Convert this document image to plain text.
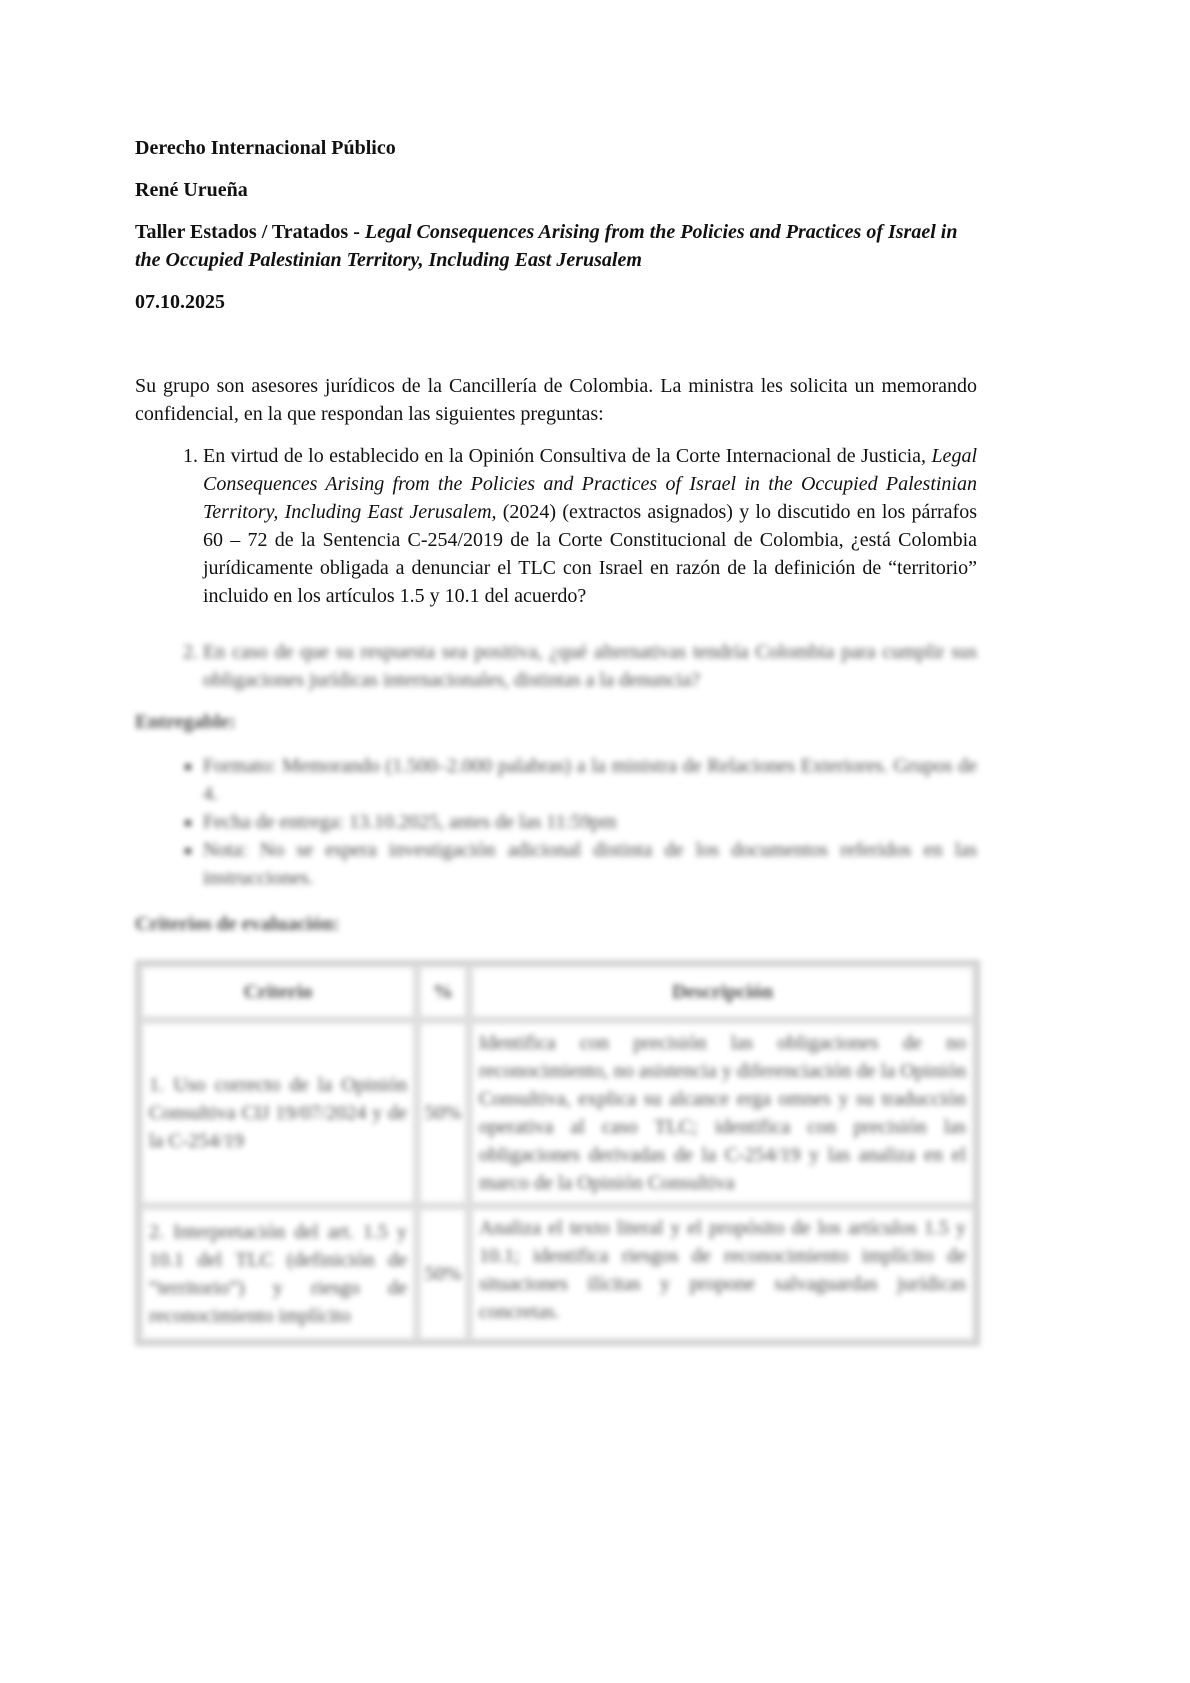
Derecho Internacional Público

René Urueña

Taller Estados / Tratados - Legal Consequences Arising from the Policies and Practices of Israel in the Occupied Palestinian Territory, Including East Jerusalem

07.10.2025

Su grupo son asesores jurídicos de la Cancillería de Colombia. La ministra les solicita un memorando confidencial, en la que respondan las siguientes preguntas:

1. En virtud de lo establecido en la Opinión Consultiva de la Corte Internacional de Justicia, Legal Consequences Arising from the Policies and Practices of Israel in the Occupied Palestinian Territory, Including East Jerusalem, (2024) (extractos asignados) y lo discutido en los párrafos 60 – 72 de la Sentencia C-254/2019 de la Corte Constitucional de Colombia, ¿está Colombia jurídicamente obligada a denunciar el TLC con Israel en razón de la definición de “territorio” incluido en los artículos 1.5 y 10.1 del acuerdo?
2. En caso de que su respuesta sea positiva, ¿qué alternativas tendría Colombia para cumplir sus obligaciones jurídicas internacionales, distintas a la denuncia?

Entregable:

▪ Formato: Memorando (1.500–2.000 palabras) a la ministra de Relaciones Exteriores. Grupos de 4.
▪ Fecha de entrega: 13.10.2025, antes de las 11:59pm
▪ Nota: No se espera investigación adicional distinta de los documentos referidos en las instrucciones.

Criterios de evaluación:

Criterio	%	Descripción
1. Uso correcto de la Opinión Consultiva CIJ 19/07/2024 y de la C-254/19	50%	Identifica con precisión las obligaciones de no reconocimiento, no asistencia y diferenciación de la Opinión Consultiva, explica su alcance erga omnes y su traducción operativa al caso TLC; identifica con precisión las obligaciones derivadas de la C-254/19 y las analiza en el marco de la Opinión Consultiva
2. Interpretación del art. 1.5 y 10.1 del TLC (definición de “territorio”) y riesgo de reconocimiento implícito	50%	Analiza el texto literal y el propósito de los artículos 1.5 y 10.1; identifica riesgos de reconocimiento implícito de situaciones ilícitas y propone salvaguardas jurídicas concretas.
